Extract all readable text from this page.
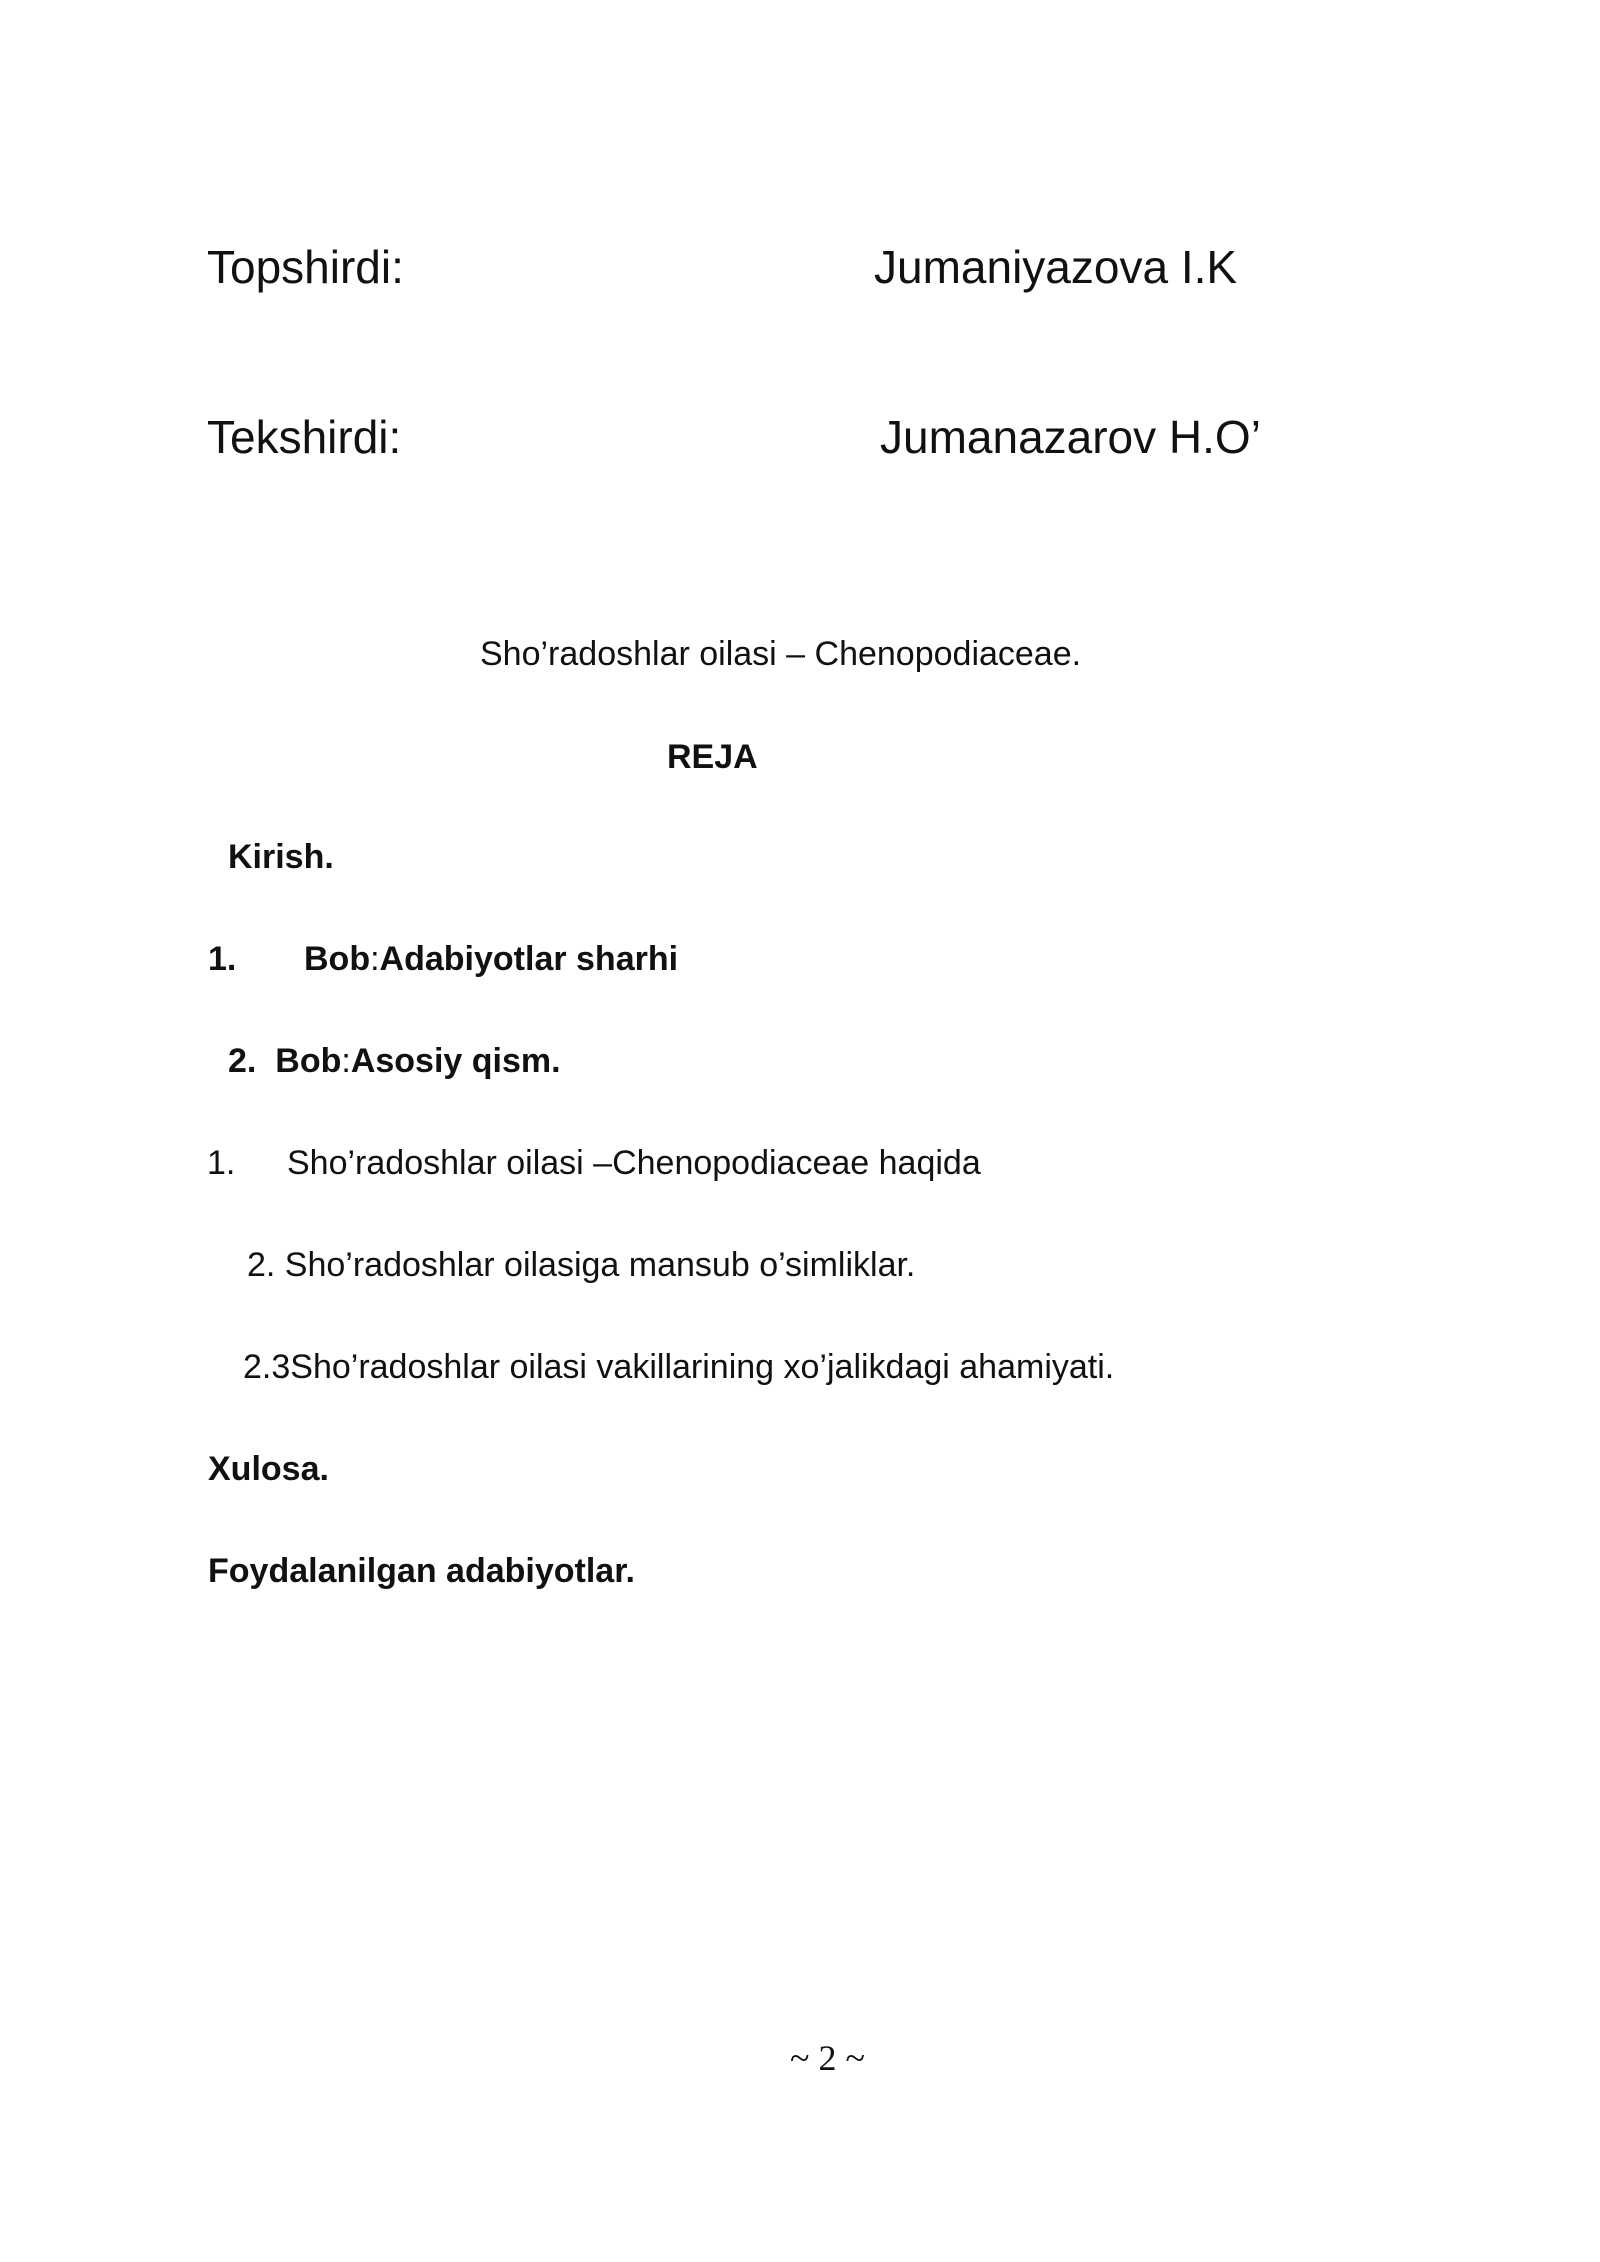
Topshirdi:	Jumaniyazova I.K
Tekshirdi:	Jumanazarov H.O’
Sho’radoshlar oilasi – Chenopodiaceae.
REJA
Kirish.
1. Bob:Adabiyotlar sharhi
2. Bob:Asosiy qism.
1. Sho’radoshlar oilasi –Chenopodiaceae haqida
2. Sho’radoshlar oilasiga mansub o’simliklar.
2.3Sho’radoshlar oilasi vakillarining xo’jalikdagi ahamiyati.
Xulosa.
Foydalanilgan adabiyotlar.
~ 2 ~
